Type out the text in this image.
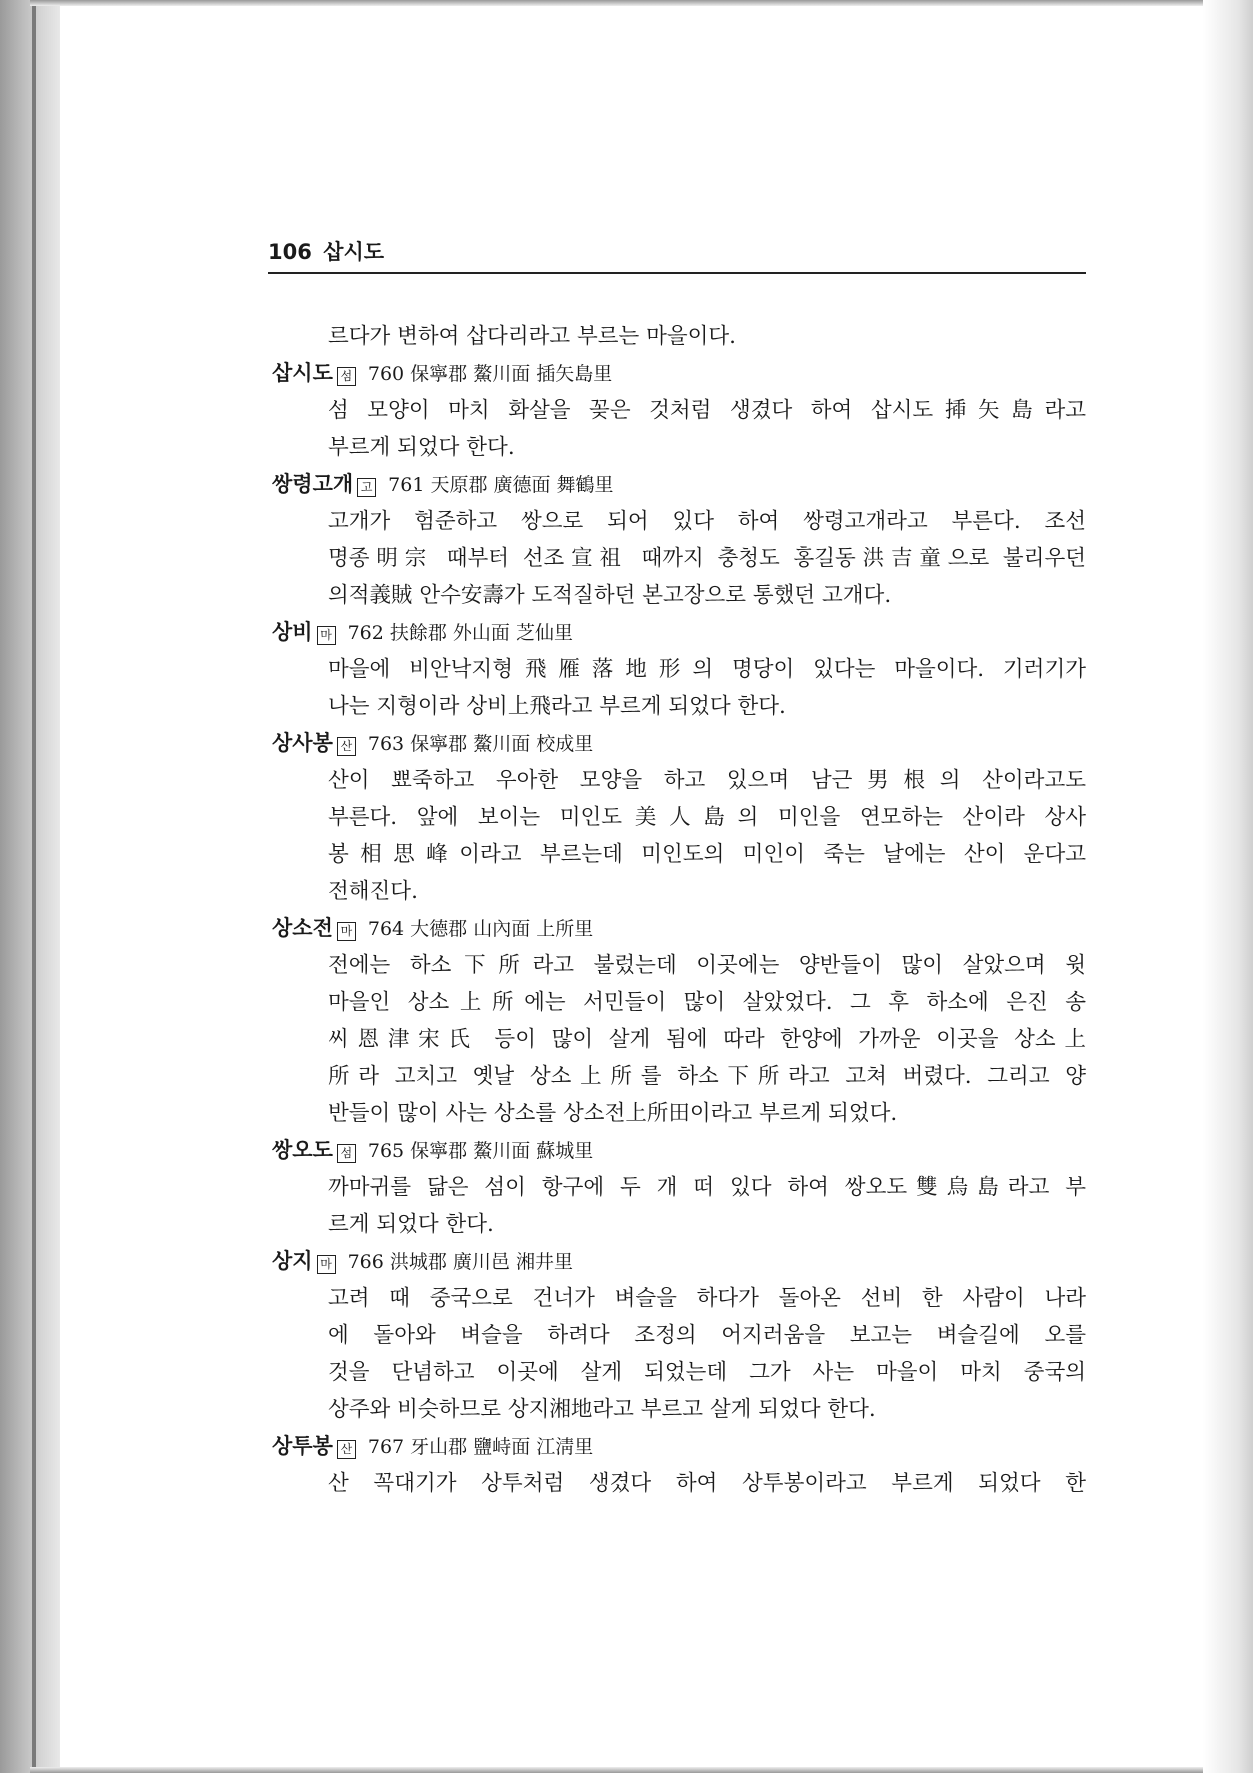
106 삽시도
르다가 변하여 삽다리라고 부르는 마을이다.
삽시도 섬 760 保寧郡 鰲川面 插矢島里
섬 모양이 마치 화살을 꽂은 것처럼 생겼다 하여 삽시도揷矢島라고
부르게 되었다 한다.
쌍령고개 고 761 天原郡 廣德面 舞鶴里
고개가 험준하고 쌍으로 되어 있다 하여 쌍령고개라고 부른다. 조선
명종明宗 때부터 선조宣祖 때까지 충청도 홍길동洪吉童으로 불리우던
의적義賊 안수安壽가 도적질하던 본고장으로 통했던 고개다.
상비 마 762 扶餘郡 外山面 芝仙里
마을에 비안낙지형飛雁落地形의 명당이 있다는 마을이다. 기러기가
나는 지형이라 상비上飛라고 부르게 되었다 한다.
상사봉 산 763 保寧郡 鰲川面 校成里
산이 뾰죽하고 우아한 모양을 하고 있으며 남근男根의 산이라고도
부른다. 앞에 보이는 미인도美人島의 미인을 연모하는 산이라 상사
봉相思峰이라고 부르는데 미인도의 미인이 죽는 날에는 산이 운다고
전해진다.
상소전 마 764 大德郡 山內面 上所里
전에는 하소下所라고 불렀는데 이곳에는 양반들이 많이 살았으며 윗
마을인 상소上所에는 서민들이 많이 살았었다. 그 후 하소에 은진 송
씨恩津宋氏 등이 많이 살게 됨에 따라 한양에 가까운 이곳을 상소上
所라 고치고 옛날 상소上所를 하소下所라고 고쳐 버렸다. 그리고 양
반들이 많이 사는 상소를 상소전上所田이라고 부르게 되었다.
쌍오도 섬 765 保寧郡 鰲川面 蘇城里
까마귀를 닮은 섬이 항구에 두 개 떠 있다 하여 쌍오도雙烏島라고 부
르게 되었다 한다.
상지 마 766 洪城郡 廣川邑 湘井里
고려 때 중국으로 건너가 벼슬을 하다가 돌아온 선비 한 사람이 나라
에 돌아와 벼슬을 하려다 조정의 어지러움을 보고는 벼슬길에 오를
것을 단념하고 이곳에 살게 되었는데 그가 사는 마을이 마치 중국의
상주와 비슷하므로 상지湘地라고 부르고 살게 되었다 한다.
상투봉 산 767 牙山郡 鹽峙面 江淸里
산 꼭대기가 상투처럼 생겼다 하여 상투봉이라고 부르게 되었다 한
